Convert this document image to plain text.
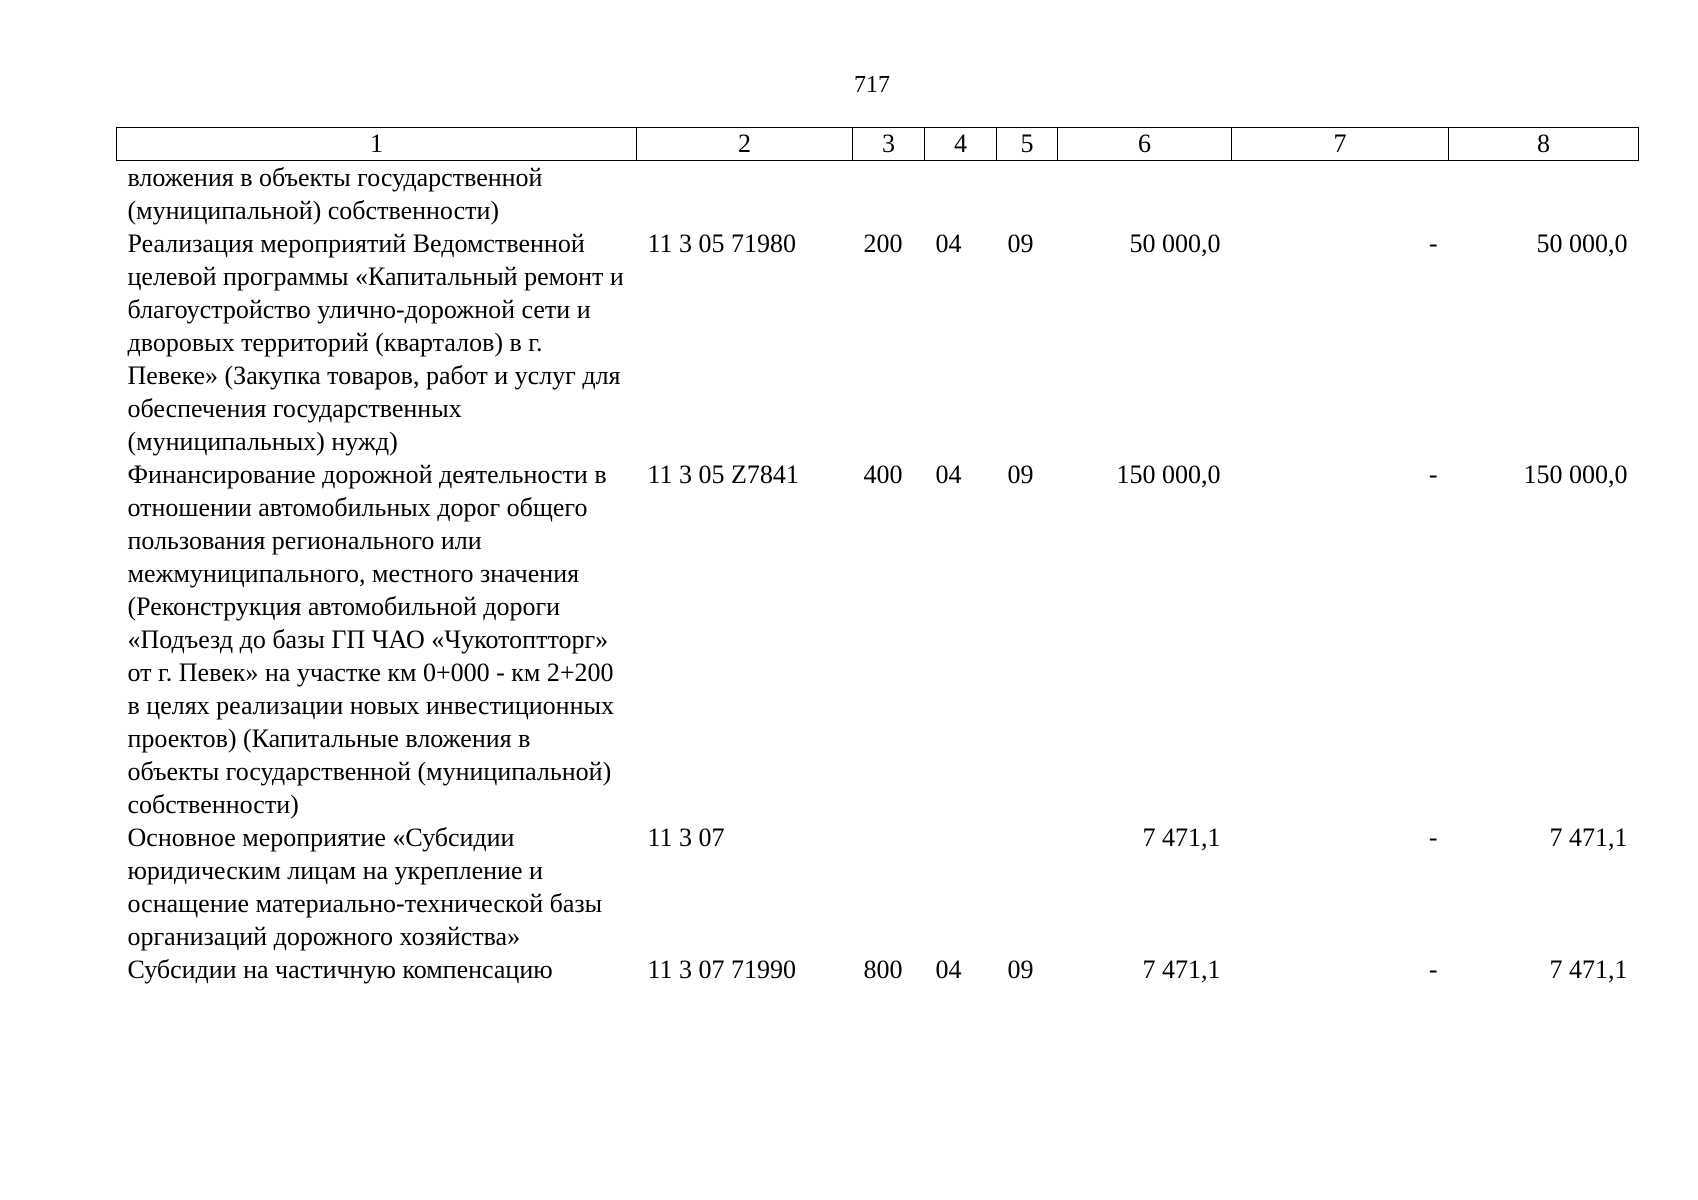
717
1	2	3	4	5	6	7	8
вложения в объекты государственной (муниципальной) собственности)							
Реализация мероприятий Ведомственной целевой программы «Капитальный ремонт и благоустройство улично-дорожной сети и дворовых территорий (кварталов) в г. Певеке» (Закупка товаров, работ и услуг для обеспечения государственных (муниципальных) нужд)	11 3 05 71980	200	04	09	50 000,0	-	50 000,0
Финансирование дорожной деятельности в отношении автомобильных дорог общего пользования регионального или межмуниципального, местного значения (Реконструкция автомобильной дороги «Подъезд до базы ГП ЧАО «Чукотоптторг» от г. Певек» на участке км 0+000 - км 2+200 в целях реализации новых инвестиционных проектов) (Капитальные вложения в объекты государственной (муниципальной) собственности)	11 3 05 Z7841	400	04	09	150 000,0	-	150 000,0
Основное мероприятие «Субсидии юридическим лицам на укрепление и оснащение материально-технической базы организаций дорожного хозяйства»	11 3 07				7 471,1	-	7 471,1
Субсидии на частичную компенсацию	11 3 07 71990	800	04	09	7 471,1	-	7 471,1
